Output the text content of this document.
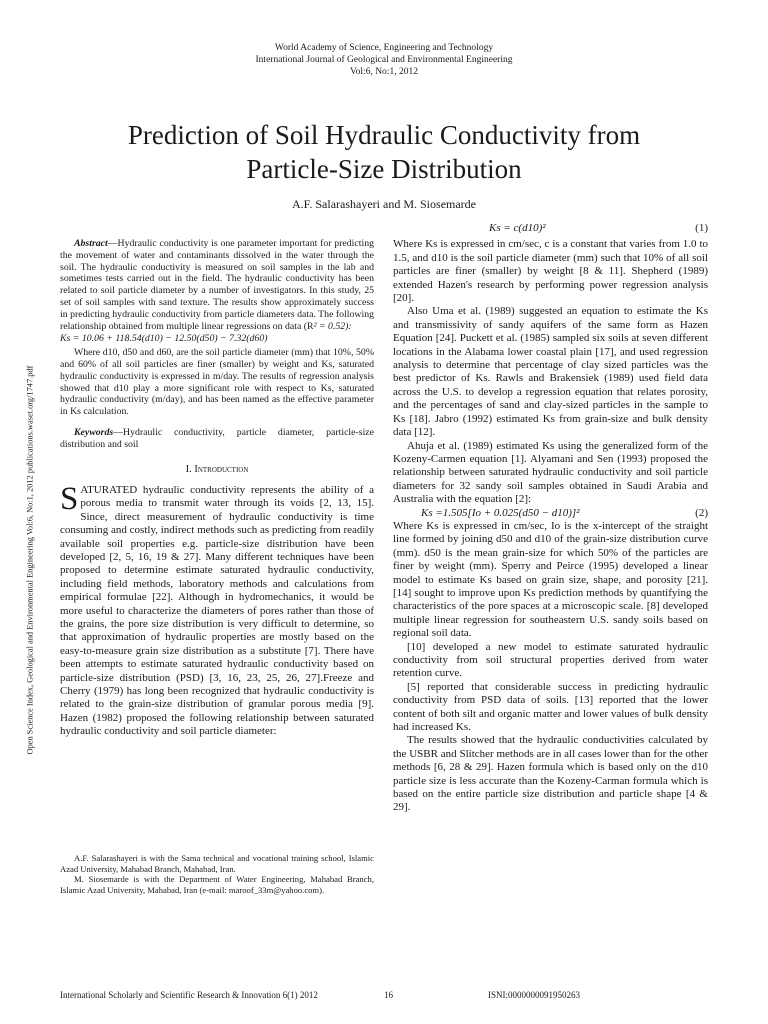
World Academy of Science, Engineering and Technology
International Journal of Geological and Environmental Engineering
Vol:6, No:1, 2012
Prediction of Soil Hydraulic Conductivity from
Particle-Size Distribution
A.F. Salarashayeri and M. Siosemarde
Open Science Index, Geological and Environmental Engineering Vol:6, No:1, 2012 publications.waset.org/1747.pdf

Abstract—Hydraulic conductivity is one parameter important for predicting the movement of water and contaminants dissolved in the water through the soil. The hydraulic conductivity is measured on soil samples in the lab and sometimes tests carried out in the field. The hydraulic conductivity has been related to soil particle diameter by a number of investigators. In this study, 25 set of soil samples with sand texture. The results show approximately success in predicting hydraulic conductivity from particle diameters data. The following relationship obtained from multiple linear regressions on data (R² = 0.52):

Ks = 10.06 + 118.54(d10) − 12.50(d50) − 7.32(d60)

Where d10, d50 and d60, are the soil particle diameter (mm) that 10%, 50% and 60% of all soil particles are finer (smaller) by weight and Ks, saturated hydraulic conductivity is expressed in m/day. The results of regression analysis showed that d10 play a more significant role with respect to Ks, saturated hydraulic conductivity (m/day), and has been named as the effective parameter in Ks calculation.

Keywords—Hydraulic conductivity, particle diameter, particle-size distribution and soil

I. Introduction

SATURATED hydraulic conductivity represents the ability of a porous media to transmit water through its voids [2, 13, 15]. Since, direct measurement of hydraulic conductivity is time consuming and costly, indirect methods such as predicting from readily available soil properties e.g. particle-size distribution have been developed [2, 5, 16, 19 & 27]. Many different techniques have been proposed to determine estimate saturated hydraulic conductivity, including field methods, laboratory methods and calculations from empirical formulae [22]. Although in hydromechanics, it would be more useful to characterize the diameters of pores rather than those of the grains, the pore size distribution is very difficult to determine, so that approximation of hydraulic properties are mostly based on the easy-to-measure grain size distribution as a substitute [7]. There have been attempts to estimate saturated hydraulic conductivity based on particle-size distribution (PSD) [3, 16, 23, 25, 26, 27].Freeze and Cherry (1979) has long been recognized that hydraulic conductivity is related to the grain-size distribution of granular porous media [9]. Hazen (1982) proposed the following relationship between saturated hydraulic conductivity and soil particle diameter:

A.F. Salarashayeri is with the Sama technical and vocational training school, Islamic Azad University, Mahabad Branch, Mahabad, Iran.

M. Siosemarde is with the Department of Water Engineering, Mahabad Branch, Islamic Azad University, Mahabad, Iran (e-mail: maroof_33m@yahoo.com).

Ks = c(d10)²	(1)

Where Ks is expressed in cm/sec, c is a constant that varies from 1.0 to 1.5, and d10 is the soil particle diameter (mm) such that 10% of all soil particles are finer (smaller) by weight [8 & 11]. Shepherd (1989) extended Hazen's research by performing power regression analysis [20].

Also Uma et al. (1989) suggested an equation to estimate the Ks and transmissivity of sandy aquifers of the same form as Hazen Equation [24]. Puckett et al. (1985) sampled six soils at seven different locations in the Alabama lower coastal plain [17], and used regression analysis to determine that percentage of clay sized particles was the best predictor of Ks. Rawls and Brakensiek (1989) used field data across the U.S. to develop a regression equation that relates porosity, and the percentages of sand and clay-sized particles in the sample to Ks [18]. Jabro (1992) estimated Ks from grain-size and bulk density data [12].

Ahuja et al. (1989) estimated Ks using the generalized form of the Kozeny-Carmen equation [1]. Alyamani and Sen (1993) proposed the relationship between saturated hydraulic conductivity and soil particle diameters for 32 sandy soil samples obtained in Saudi Arabia and Australia with the equation [2]:

Ks =1.505[Io + 0.025(d50 − d10)]²	(2)

Where Ks is expressed in cm/sec, Io is the x-intercept of the straight line formed by joining d50 and d10 of the grain-size distribution curve (mm). d50 is the mean grain-size for which 50% of the particles are finer by weight (mm). Sperry and Peirce (1995) developed a linear model to estimate Ks based on grain size, shape, and porosity [21]. [14] sought to improve upon Ks prediction methods by quantifying the characteristics of the pore spaces at a microscopic scale. [8] developed multiple linear regression for southeastern U.S. sandy soils based on regional soil data.

[10] developed a new model to estimate saturated hydraulic conductivity from soil structural properties derived from water retention curve.

[5] reported that considerable success in predicting hydraulic conductivity from PSD data of soils. [13] reported that the lower content of both silt and organic matter and lower values of bulk density had increased Ks.

The results showed that the hydraulic conductivities calculated by the USBR and Slitcher methods are in all cases lower than for the other methods [6, 28 & 29]. Hazen formula which is based only on the d10 particle size is less accurate than the Kozeny-Carman formula which is based on the entire particle size distribution and particle shape [4 & 29].

International Scholarly and Scientific Research & Innovation 6(1) 2012	16	ISNI:0000000091950263
